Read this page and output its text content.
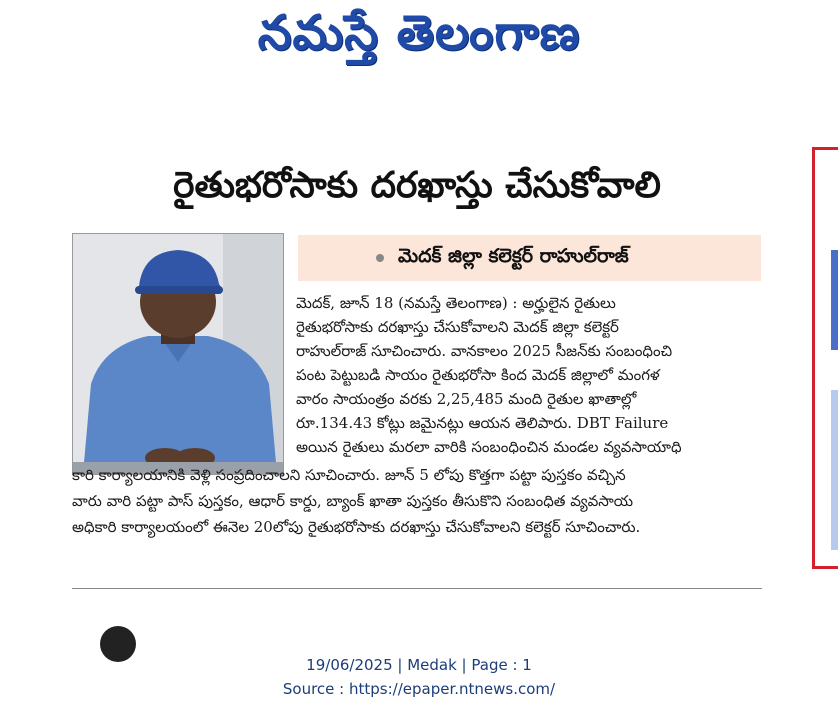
నమస్తే తెలంగాణ
రైతుభరోసాకు దరఖాస్తు చేసుకోవాలి
మెదక్ జిల్లా కలెక్టర్ రాహుల్‌రాజ్
మెదక్, జూన్ 18 (నమస్తే తెలంగాణ) : అర్హులైన రైతులు
రైతుభరోసాకు దరఖాస్తు చేసుకోవాలని మెదక్ జిల్లా కలెక్టర్
రాహుల్‌రాజ్ సూచించారు. వానకాలం 2025 సీజన్‌కు సంబంధించి
పంట పెట్టుబడి సాయం రైతుభరోసా కింద మెదక్ జిల్లాలో మంగళ
వారం సాయంత్రం వరకు 2,25,485 మంది రైతుల ఖాతాల్లో
రూ.134.43 కోట్లు జమైనట్లు ఆయన తెలిపారు. DBT Failure
అయిన రైతులు మరలా వారికి సంబంధించిన మండల వ్యవసాయాధి
కారి కార్యాలయానికి వెళ్లి సంప్రదించాలని సూచించారు. జూన్ 5 లోపు కొత్తగా పట్టా పుస్తకం వచ్చిన
వారు వారి పట్టా పాస్ పుస్తకం, ఆధార్ కార్డు, బ్యాంక్ ఖాతా పుస్తకం తీసుకొని సంబంధిత వ్యవసాయ
అధికారి కార్యాలయంలో ఈనెల 20లోపు రైతుభరోసాకు దరఖాస్తు చేసుకోవాలని కలెక్టర్ సూచించారు.
19/06/2025 | Medak | Page : 1
Source : https://epaper.ntnews.com/
